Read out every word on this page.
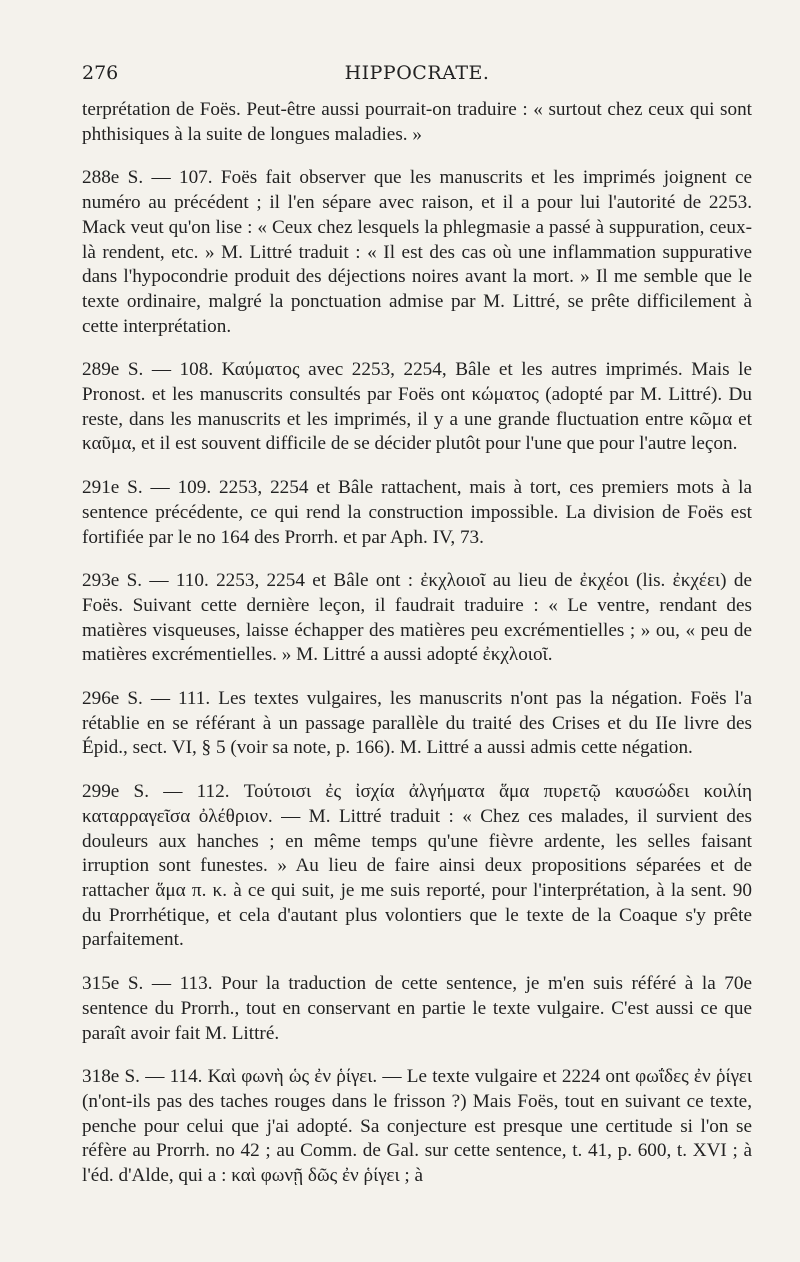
276	HIPPOCRATE.

terprétation de Foës. Peut-être aussi pourrait-on traduire : « surtout chez ceux qui sont phthisiques à la suite de longues maladies. »

288e S. — 107. Foës fait observer que les manuscrits et les imprimés joignent ce numéro au précédent ; il l'en sépare avec raison, et il a pour lui l'autorité de 2253. Mack veut qu'on lise : « Ceux chez lesquels la phlegmasie a passé à suppuration, ceux-là rendent, etc. » M. Littré traduit : « Il est des cas où une inflammation suppurative dans l'hypocondrie produit des déjections noires avant la mort. » Il me semble que le texte ordinaire, malgré la ponctuation admise par M. Littré, se prête difficilement à cette interprétation.

289e S. — 108. Καύματος avec 2253, 2254, Bâle et les autres imprimés. Mais le Pronost. et les manuscrits consultés par Foës ont κώματος (adopté par M. Littré). Du reste, dans les manuscrits et les imprimés, il y a une grande fluctuation entre κῶμα et καῦμα, et il est souvent difficile de se décider plutôt pour l'une que pour l'autre leçon.

291e S. — 109. 2253, 2254 et Bâle rattachent, mais à tort, ces premiers mots à la sentence précédente, ce qui rend la construction impossible. La division de Foës est fortifiée par le no 164 des Prorrh. et par Aph. IV, 73.

293e S. — 110. 2253, 2254 et Bâle ont : ἐκχλοιοῖ au lieu de ἐκχέοι (lis. ἐκχέει) de Foës. Suivant cette dernière leçon, il faudrait traduire : « Le ventre, rendant des matières visqueuses, laisse échapper des matières peu excrémentielles ; » ou, « peu de matières excrémentielles. » M. Littré a aussi adopté ἐκχλοιοῖ.

296e S. — 111. Les textes vulgaires, les manuscrits n'ont pas la négation. Foës l'a rétablie en se référant à un passage parallèle du traité des Crises et du IIe livre des Épid., sect. VI, § 5 (voir sa note, p. 166). M. Littré a aussi admis cette négation.

299e S. — 112. Τούτοισι ἐς ἰσχία ἀλγήματα ἅμα πυρετῷ καυσώδει κοιλίη καταρραγεῖσα ὀλέθριον. — M. Littré traduit : « Chez ces malades, il survient des douleurs aux hanches ; en même temps qu'une fièvre ardente, les selles faisant irruption sont funestes. » Au lieu de faire ainsi deux propositions séparées et de rattacher ἅμα π. κ. à ce qui suit, je me suis reporté, pour l'interprétation, à la sent. 90 du Prorrhétique, et cela d'autant plus volontiers que le texte de la Coaque s'y prête parfaitement.

315e S. — 113. Pour la traduction de cette sentence, je m'en suis référé à la 70e sentence du Prorrh., tout en conservant en partie le texte vulgaire. C'est aussi ce que paraît avoir fait M. Littré.

318e S. — 114. Καὶ φωνὴ ὡς ἐν ῥίγει. — Le texte vulgaire et 2224 ont φωΐδες ἐν ῥίγει (n'ont-ils pas des taches rouges dans le frisson ?) Mais Foës, tout en suivant ce texte, penche pour celui que j'ai adopté. Sa conjecture est presque une certitude si l'on se réfère au Prorrh. no 42 ; au Comm. de Gal. sur cette sentence, t. 41, p. 600, t. XVI ; à l'éd. d'Alde, qui a : καὶ φωνῇ δῶς ἐν ῥίγει ; à
